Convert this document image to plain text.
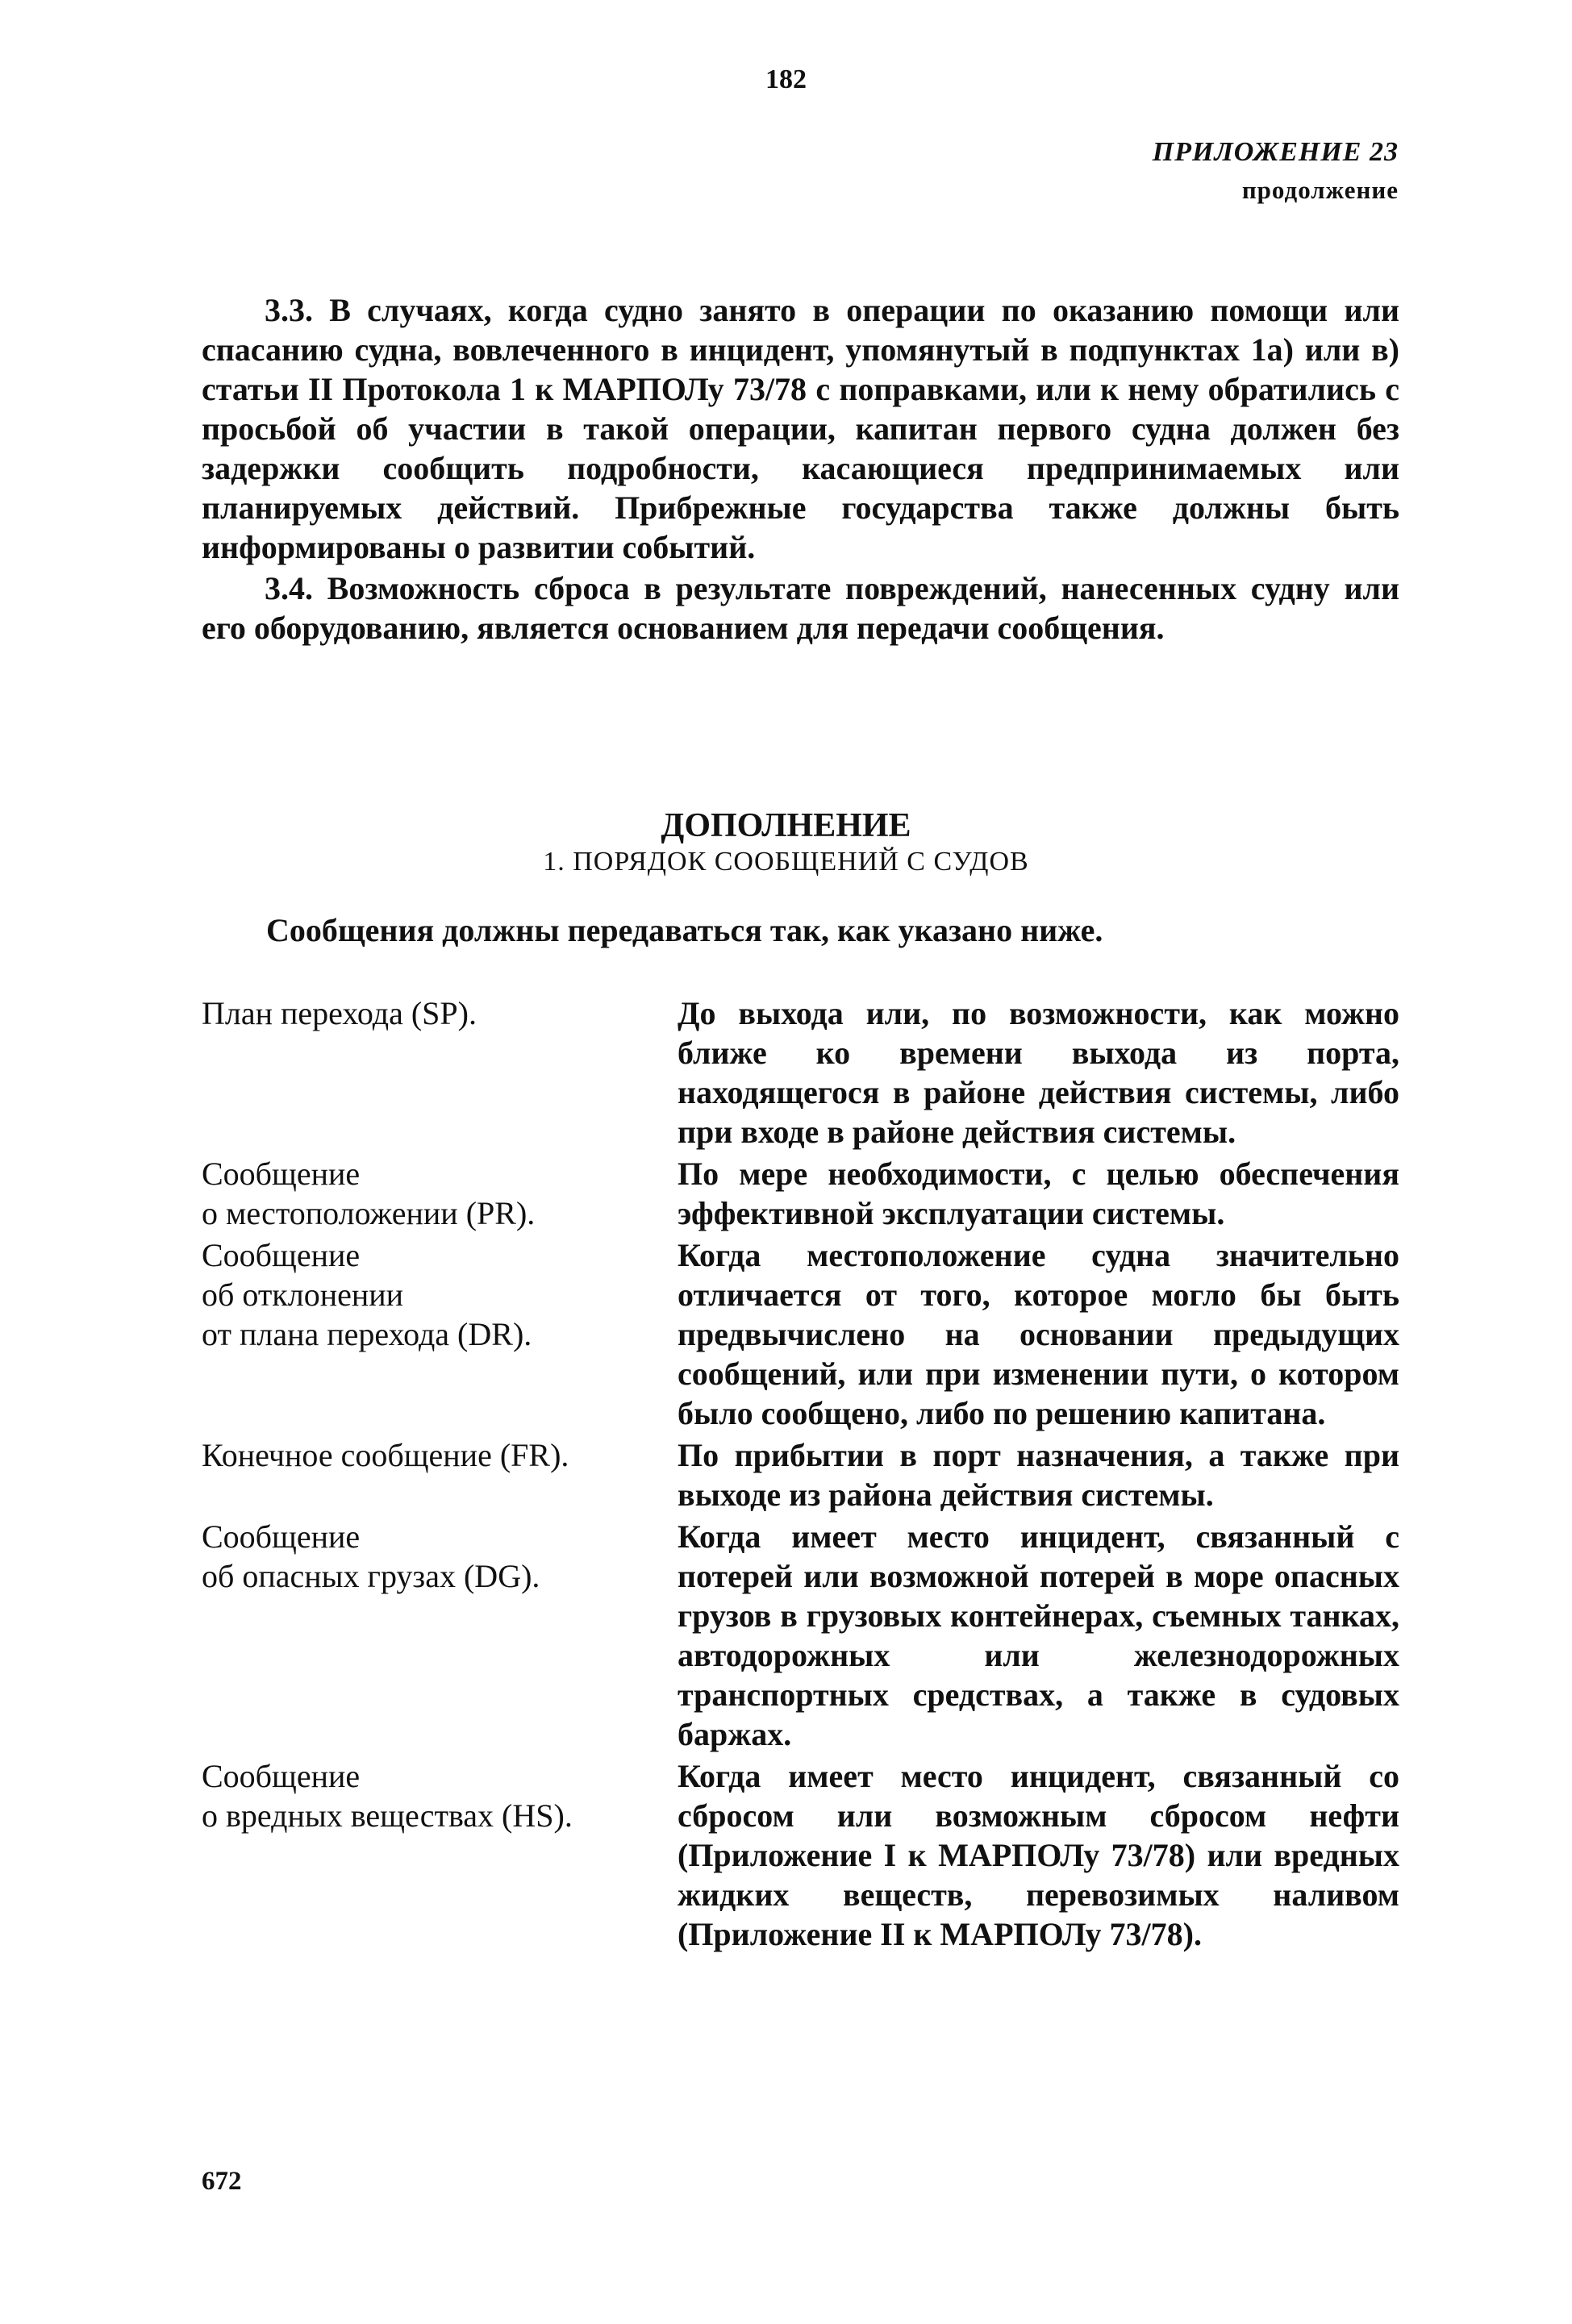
182
ПРИЛОЖЕНИЕ 23
продолжение
3.3. В случаях, когда судно занято в операции по оказанию помощи или спасанию судна, вовлеченного в инцидент, упомянутый в подпунктах 1а) или в) статьи II Протокола 1 к МАРПОЛу 73/78 с поправками, или к нему обратились с просьбой об участии в такой операции, капитан первого судна должен без задержки сообщить подробности, касающиеся предпринимаемых или планируемых действий. Прибрежные государства также должны быть информированы о развитии событий.
3.4. Возможность сброса в результате повреждений, нанесенных судну или его оборудованию, является основанием для передачи сообщения.
ДОПОЛНЕНИЕ
1. ПОРЯДОК СООБЩЕНИЙ С СУДОВ
Сообщения должны передаваться так, как указано ниже.
План перехода (SP).	До выхода или, по возможности, как можно ближе ко времени выхода из порта, находящегося в районе действия системы, либо при входе в районе действия системы.
Сообщение
о местоположении (PR).
По мере необходимости, с целью обеспечения эффективной эксплуатации системы.
Сообщение
об отклонении
от плана перехода (DR).
Когда местоположение судна значительно отличается от того, которое могло бы быть предвычислено на основании предыдущих сообщений, или при изменении пути, о котором было сообщено, либо по решению капитана.
Конечное сообщение (FR).	По прибытии в порт назначения, а также при выходе из района действия системы.
Сообщение
об опасных грузах (DG).
Когда имеет место инцидент, связанный с потерей или возможной потерей в море опасных грузов в грузовых контейнерах, съемных танках, автодорожных или железнодорожных транспортных средствах, а также в судовых баржах.
Сообщение
о вредных веществах (HS).
Когда имеет место инцидент, связанный со сбросом или возможным сбросом нефти (Приложение I к МАРПОЛу 73/78) или вредных жидких веществ, перевозимых наливом (Приложение II к МАРПОЛу 73/78).
672
